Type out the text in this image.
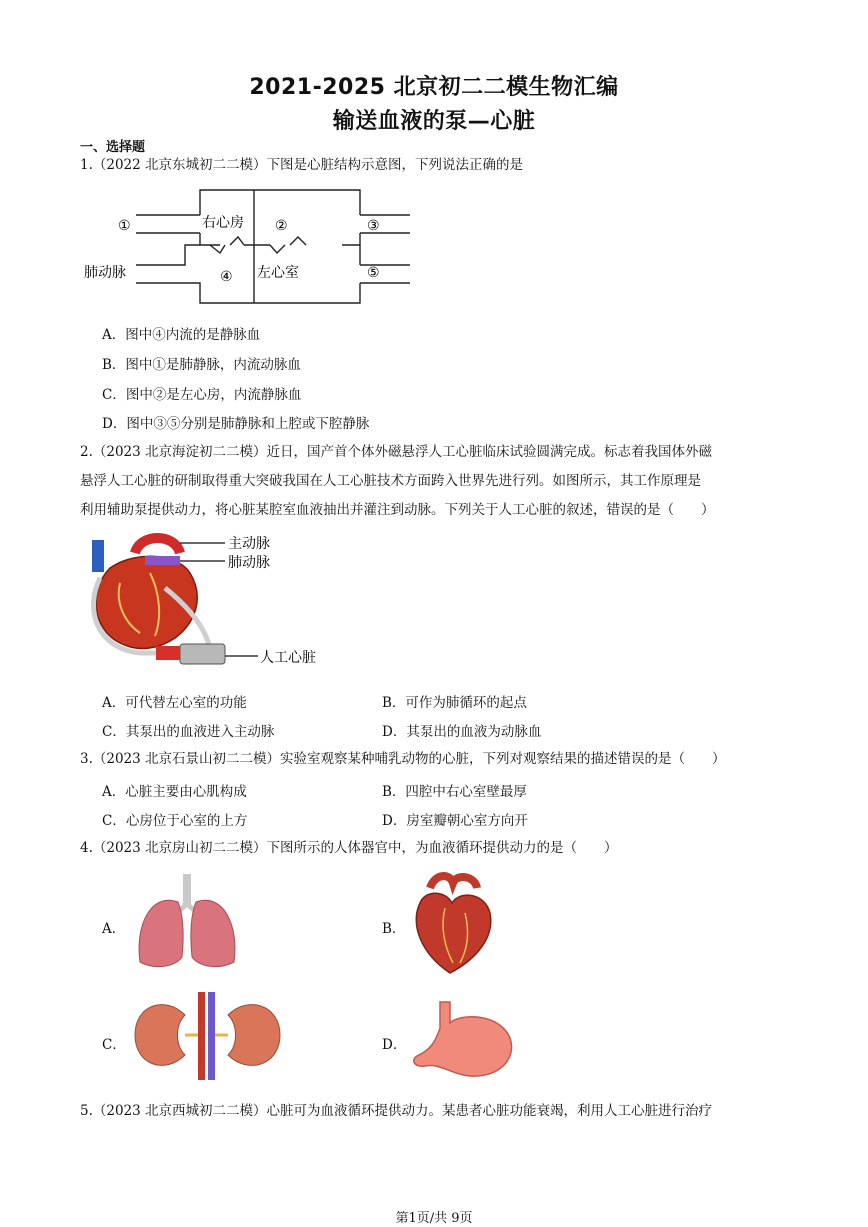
2021-2025 北京初二二模生物汇编
输送血液的泵—心脏
一、选择题
1.（2022 北京东城初二二模）下图是心脏结构示意图，下列说法正确的是
①	②	③
④	⑤
右心房
左心室
肺动脉
A．图中④内流的是静脉血
B．图中①是肺静脉，内流动脉血
C．图中②是左心房，内流静脉血
D．图中③⑤分别是肺静脉和上腔或下腔静脉
2.（2023 北京海淀初二二模）近日，国产首个体外磁悬浮人工心脏临床试验圆满完成。标志着我国体外磁
悬浮人工心脏的研制取得重大突破我国在人工心脏技术方面跨入世界先进行列。如图所示，其工作原理是
利用辅助泵提供动力，将心脏某腔室血液抽出并灌注到动脉。下列关于人工心脏的叙述，错误的是（　　）
主动脉
肺动脉
人工心脏
A．可代替左心室的功能	B．可作为肺循环的起点
C．其泵出的血液进入主动脉	D．其泵出的血液为动脉血
3.（2023 北京石景山初二二模）实验室观察某种哺乳动物的心脏，下列对观察结果的描述错误的是（　　）
A．心脏主要由心肌构成	B．四腔中右心室壁最厚
C．心房位于心室的上方	D．房室瓣朝心室方向开
4.（2023 北京房山初二二模）下图所示的人体器官中，为血液循环提供动力的是（　　）
A．	B．
C．	D．
5.（2023 北京西城初二二模）心脏可为血液循环提供动力。某患者心脏功能衰竭，利用人工心脏进行治疗
第1页/共 9页
